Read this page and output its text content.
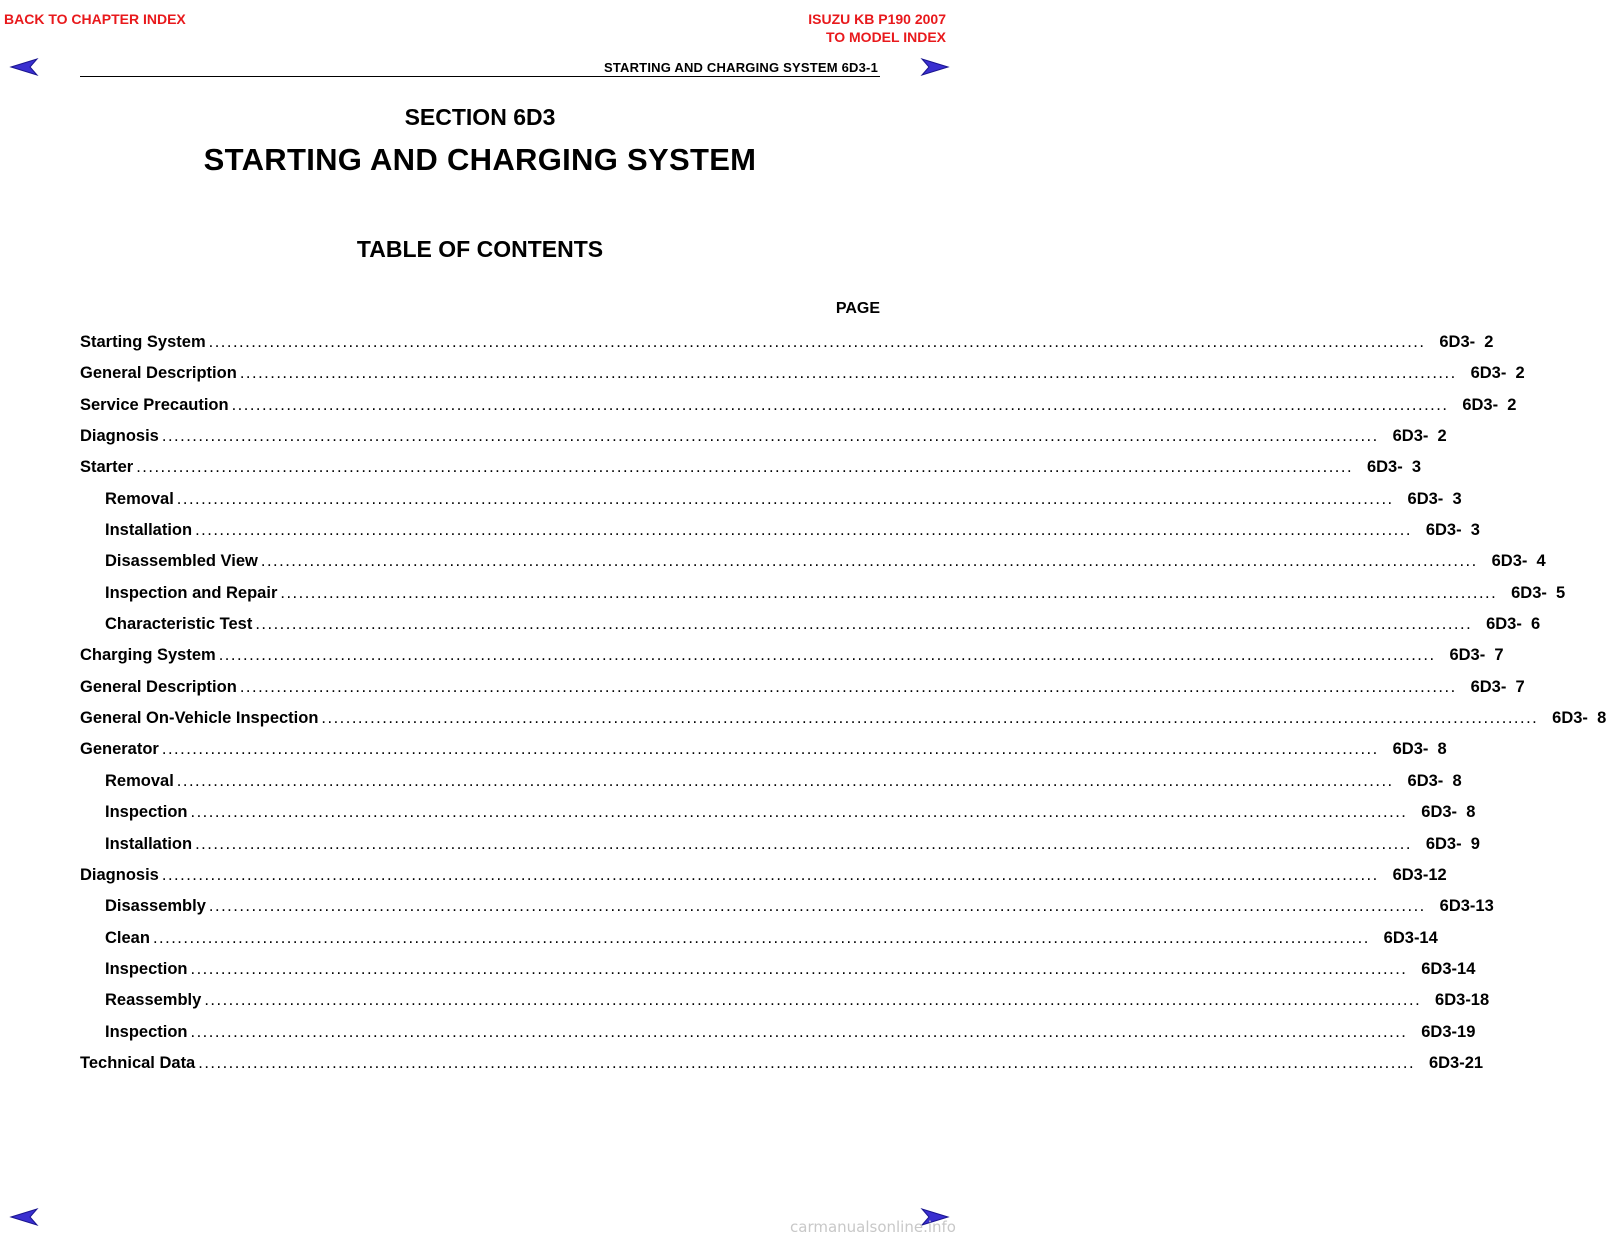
BACK TO CHAPTER INDEX	ISUZU KB P190 2007
TO MODEL INDEX
STARTING AND CHARGING SYSTEM 6D3-1
SECTION 6D3
STARTING AND CHARGING SYSTEM
TABLE OF CONTENTS
PAGE
Starting System ........................................................................................................................................................................................................ 6D3-  2
General Description ........................................................................................................................................................................................................ 6D3-  2
Service Precaution ........................................................................................................................................................................................................ 6D3-  2
Diagnosis ........................................................................................................................................................................................................ 6D3-  2
Starter ........................................................................................................................................................................................................ 6D3-  3
Removal ........................................................................................................................................................................................................ 6D3-  3
Installation ........................................................................................................................................................................................................ 6D3-  3
Disassembled View ........................................................................................................................................................................................................ 6D3-  4
Inspection and Repair ........................................................................................................................................................................................................ 6D3-  5
Characteristic Test ........................................................................................................................................................................................................ 6D3-  6
Charging System ........................................................................................................................................................................................................ 6D3-  7
General Description ........................................................................................................................................................................................................ 6D3-  7
General On-Vehicle Inspection ........................................................................................................................................................................................................ 6D3-  8
Generator ........................................................................................................................................................................................................ 6D3-  8
Removal ........................................................................................................................................................................................................ 6D3-  8
Inspection ........................................................................................................................................................................................................ 6D3-  8
Installation ........................................................................................................................................................................................................ 6D3-  9
Diagnosis ........................................................................................................................................................................................................ 6D3-12
Disassembly ........................................................................................................................................................................................................ 6D3-13
Clean ........................................................................................................................................................................................................ 6D3-14
Inspection ........................................................................................................................................................................................................ 6D3-14
Reassembly ........................................................................................................................................................................................................ 6D3-18
Inspection ........................................................................................................................................................................................................ 6D3-19
Technical Data ........................................................................................................................................................................................................ 6D3-21
carmanualsonline.info
